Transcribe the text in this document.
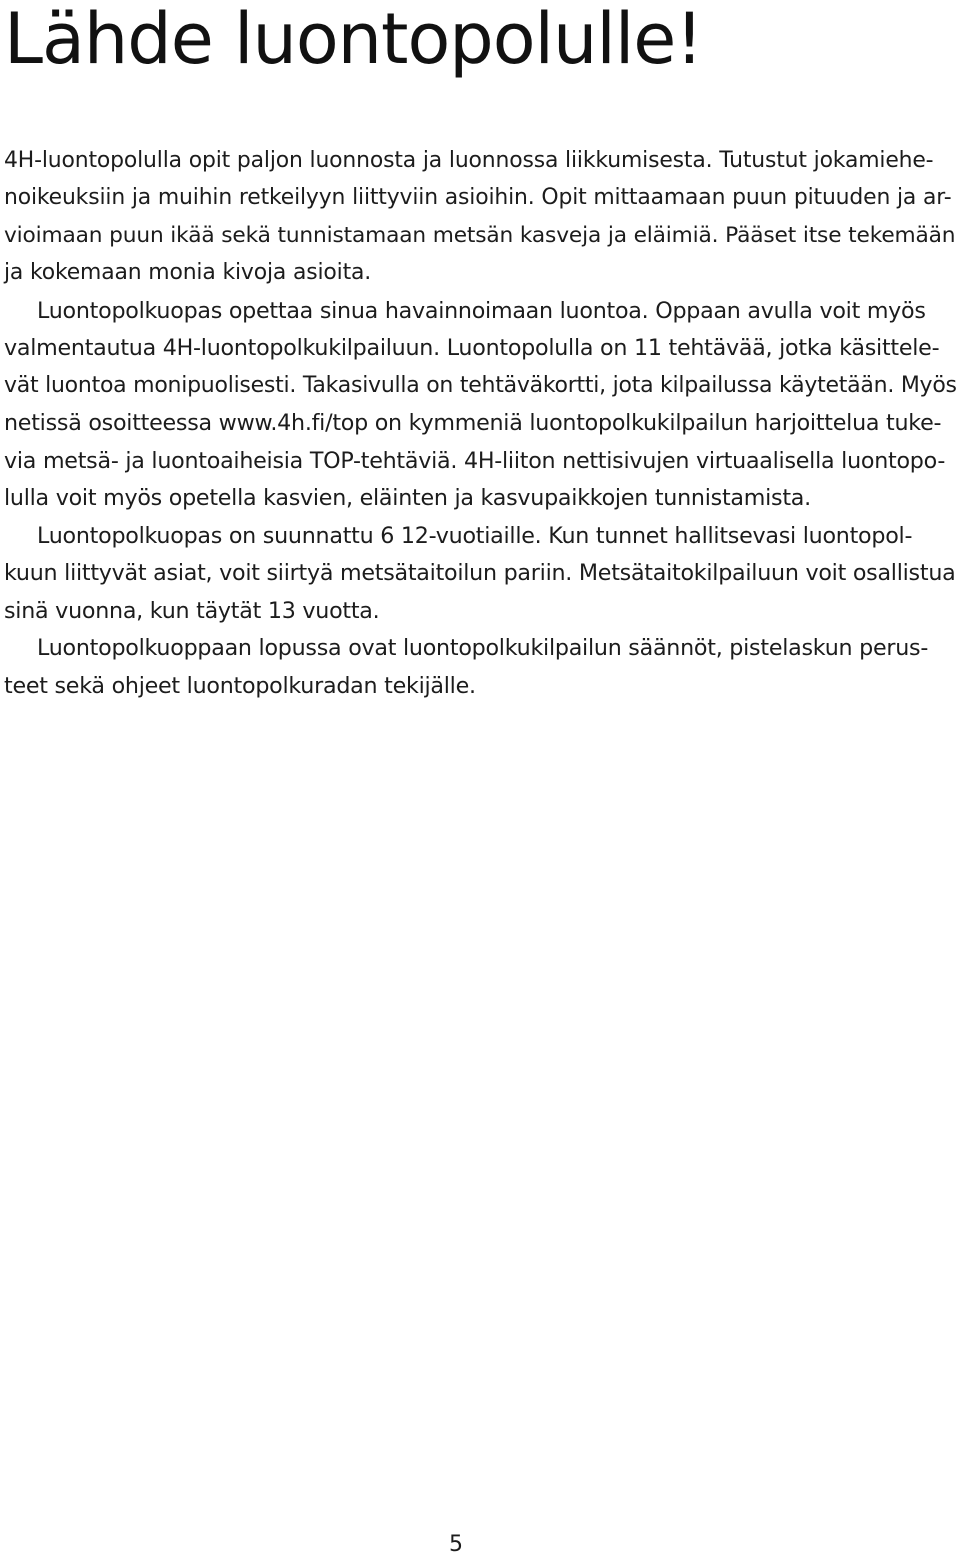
Lähde luontopolulle!
4H-luontopolulla opit paljon luonnosta ja luonnossa liikkumisesta. Tutustut jokamiehe-
noikeuksiin ja muihin retkeilyyn liittyviin asioihin. Opit mittaamaan puun pituuden ja ar-
vioimaan puun ikää sekä tunnistamaan metsän kasveja ja eläimiä. Pääset itse tekemään
ja kokemaan monia kivoja asioita.
Luontopolkuopas opettaa sinua havainnoimaan luontoa. Oppaan avulla voit myös
valmentautua 4H-luontopolkukilpailuun. Luontopolulla on 11 tehtävää, jotka käsittele-
vät luontoa monipuolisesti. Takasivulla on tehtäväkortti, jota kilpailussa käytetään. Myös
netissä osoitteessa www.4h.fi/top on kymmeniä luontopolkukilpailun harjoittelua tuke-
via metsä- ja luontoaiheisia TOP-tehtäviä. 4H-liiton nettisivujen virtuaalisella luontopo-
lulla voit myös opetella kasvien, eläinten ja kasvupaikkojen tunnistamista.
Luontopolkuopas on suunnattu 6 12-vuotiaille. Kun tunnet hallitsevasi luontopol-
kuun liittyvät asiat, voit siirtyä metsätaitoilun pariin. Metsätaitokilpailuun voit osallistua
sinä vuonna, kun täytät 13 vuotta.
Luontopolkuoppaan lopussa ovat luontopolkukilpailun säännöt, pistelaskun perus-
teet sekä ohjeet luontopolkuradan tekijälle.
5
